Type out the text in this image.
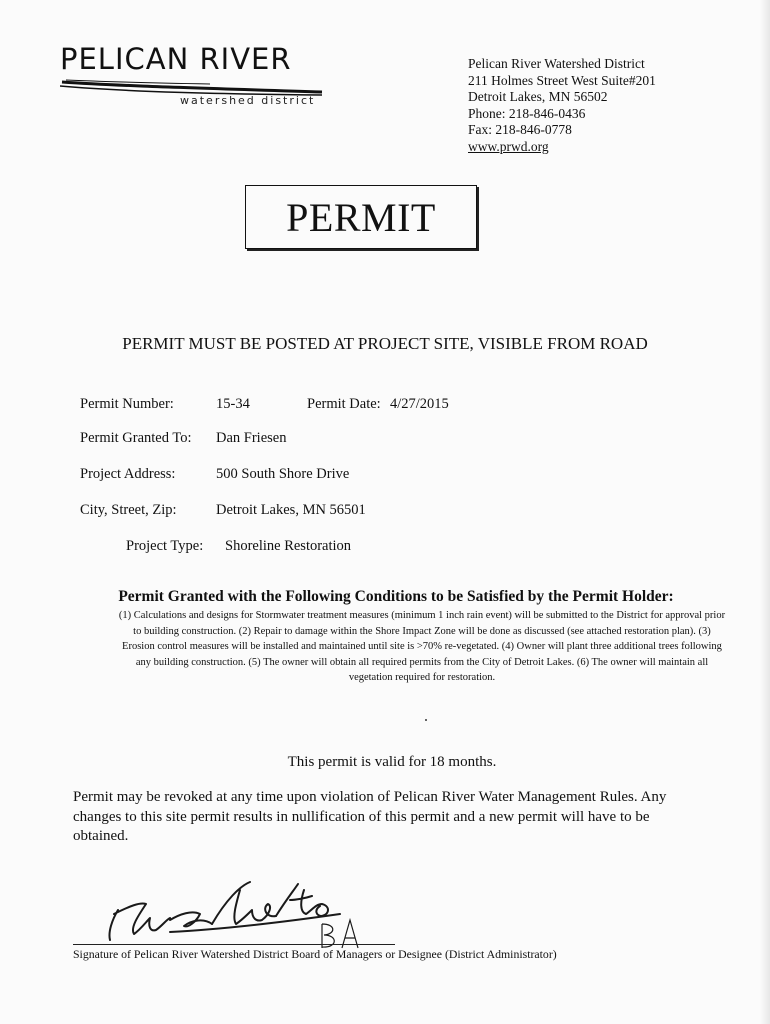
PELICAN RIVER
watershed district
Pelican River Watershed District
211 Holmes Street West Suite#201
Detroit Lakes, MN 56502
Phone: 218-846-0436
Fax: 218-846-0778
www.prwd.org
PERMIT
PERMIT MUST BE POSTED AT PROJECT SITE, VISIBLE FROM ROAD
Permit Number:	15-34	Permit Date: 4/27/2015
Permit Granted To: Dan Friesen
Project Address:	500 South Shore Drive
City, Street, Zip:	Detroit Lakes, MN 56501
Project Type: Shoreline Restoration
Permit Granted with the Following Conditions to be Satisfied by the Permit Holder:
(1) Calculations and designs for Stormwater treatment measures (minimum 1 inch rain event) will be submitted to the District for approval prior to building construction. (2) Repair to damage within the Shore Impact Zone will be done as discussed (see attached restoration plan). (3) Erosion control measures will be installed and maintained until site is >70% re-vegetated. (4) Owner will plant three additional trees following any building construction. (5) The owner will obtain all required permits from the City of Detroit Lakes. (6) The owner will maintain all vegetation required for restoration.
This permit is valid for 18 months.
Permit may be revoked at any time upon violation of Pelican River Water Management Rules. Any changes to this site permit results in nullification of this permit and a new permit will have to be obtained.
BA
Signature of Pelican River Watershed District Board of Managers or Designee (District Administrator)
